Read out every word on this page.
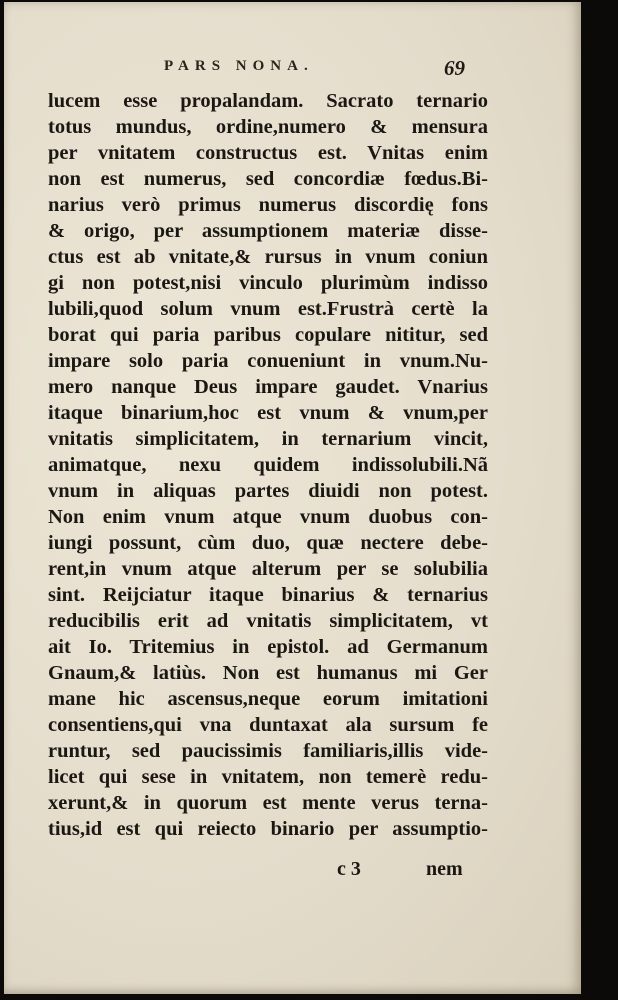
PARS NONA.	69
lucem esse propalandam. Sacrato ternario
totus mundus, ordine,numero & mensura
per vnitatem constructus est. Vnitas enim
non est numerus, sed concordiæ fœdus.Bi-
narius verò primus numerus discordię fons
& origo, per assumptionem materiæ disse-
ctus est ab vnitate,& rursus in vnum coniun
gi non potest,nisi vinculo plurimùm indisso
lubili,quod solum vnum est.Frustrà certè la
borat qui paria paribus copulare nititur, sed
impare solo paria conueniunt in vnum.Nu-
mero nanque Deus impare gaudet. Vnarius
itaque binarium,hoc est vnum & vnum,per
vnitatis simplicitatem, in ternarium vincit,
animatque, nexu quidem indissolubili.Nã
vnum in aliquas partes diuidi non potest.
Non enim vnum atque vnum duobus con-
iungi possunt, cùm duo, quæ nectere debe-
rent,in vnum atque alterum per se solubilia
sint. Reijciatur itaque binarius & ternarius
reducibilis erit ad vnitatis simplicitatem, vt
ait Io. Tritemius in epistol. ad Germanum
Gnaum,& latiùs. Non est humanus mi Ger
mane hic ascensus,neque eorum imitationi
consentiens,qui vna duntaxat ala sursum fe
runtur, sed paucissimis familiaris,illis vide-
licet qui sese in vnitatem, non temerè redu-
xerunt,& in quorum est mente verus terna-
tius,id est qui reiecto binario per assumptio-
c 3	nem
